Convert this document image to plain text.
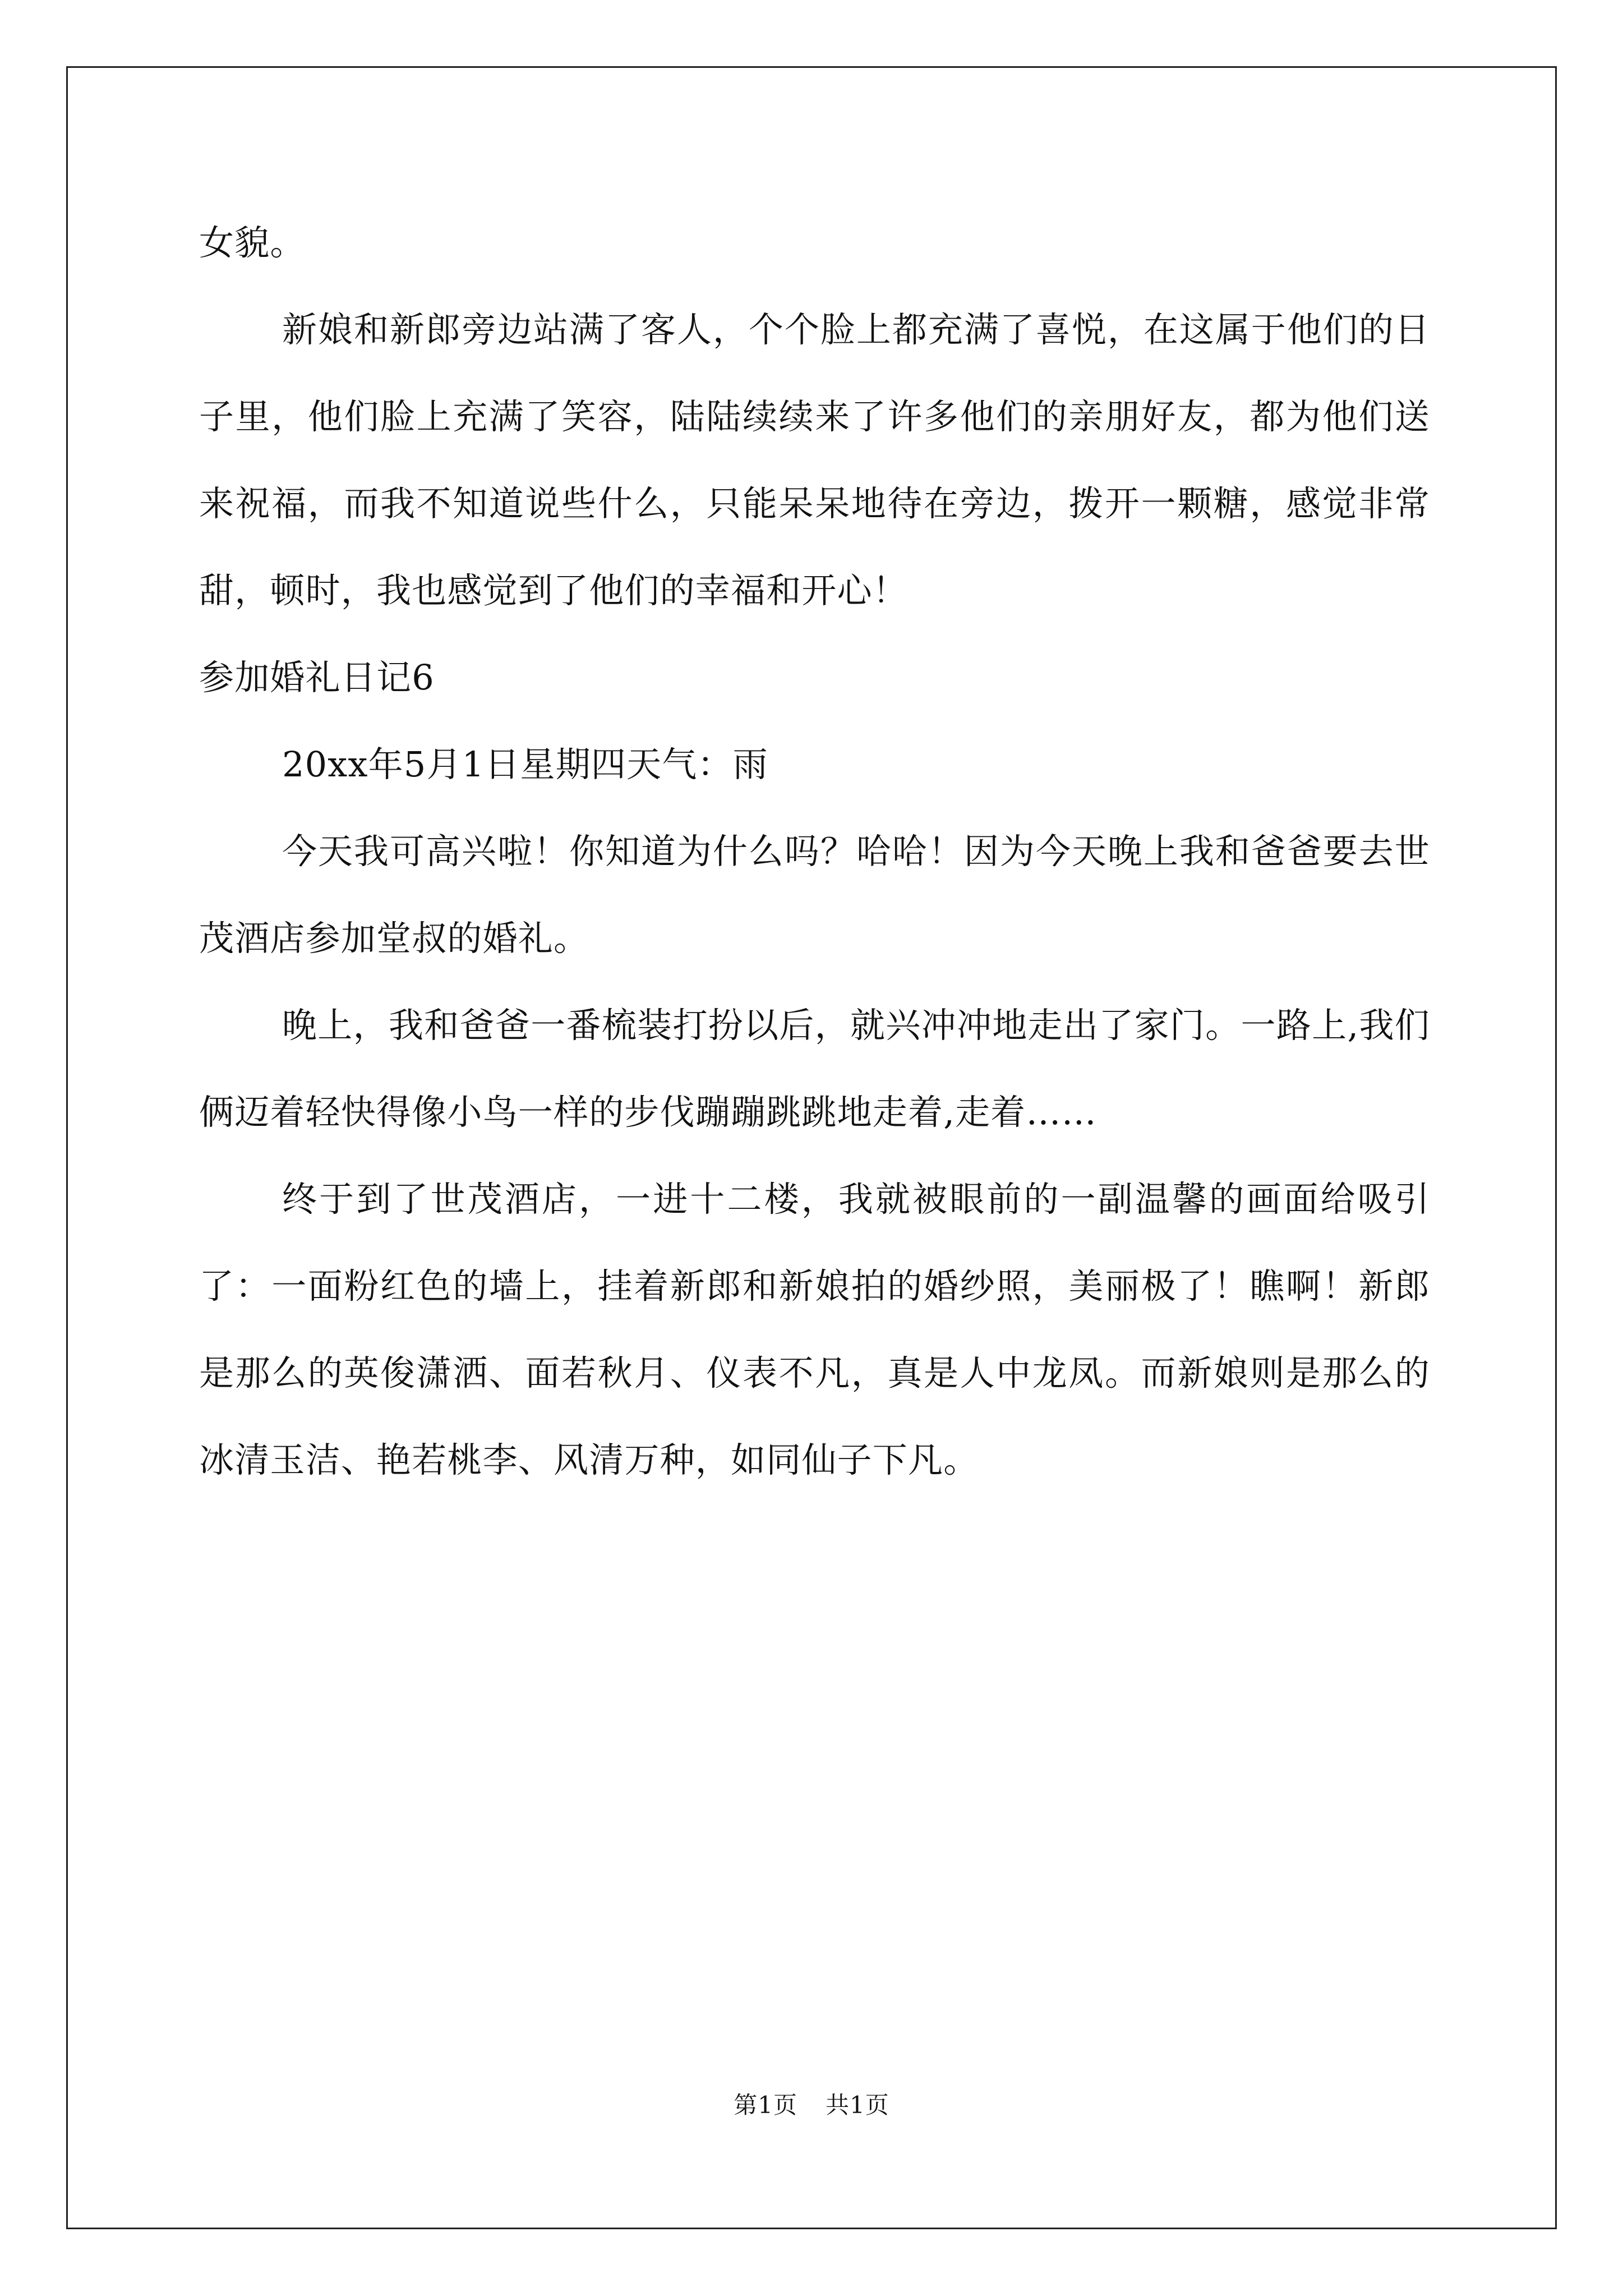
女貌。

新娘和新郎旁边站满了客人，个个脸上都充满了喜悦，在这属于他们的日子里，他们脸上充满了笑容，陆陆续续来了许多他们的亲朋好友，都为他们送来祝福，而我不知道说些什么，只能呆呆地待在旁边，拨开一颗糖，感觉非常甜，顿时，我也感觉到了他们的幸福和开心！

参加婚礼日记6

20xx年5月1日星期四天气：雨

今天我可高兴啦！你知道为什么吗？哈哈！因为今天晚上我和爸爸要去世茂酒店参加堂叔的婚礼。

晚上，我和爸爸一番梳装打扮以后，就兴冲冲地走出了家门。一路上,我们俩迈着轻快得像小鸟一样的步伐蹦蹦跳跳地走着,走着……

终于到了世茂酒店，一进十二楼，我就被眼前的一副温馨的画面给吸引了：一面粉红色的墙上，挂着新郎和新娘拍的婚纱照，美丽极了！瞧啊！新郎是那么的英俊潇洒、面若秋月、仪表不凡，真是人中龙凤。而新娘则是那么的冰清玉洁、艳若桃李、风清万种，如同仙子下凡。

第1页 共1页
